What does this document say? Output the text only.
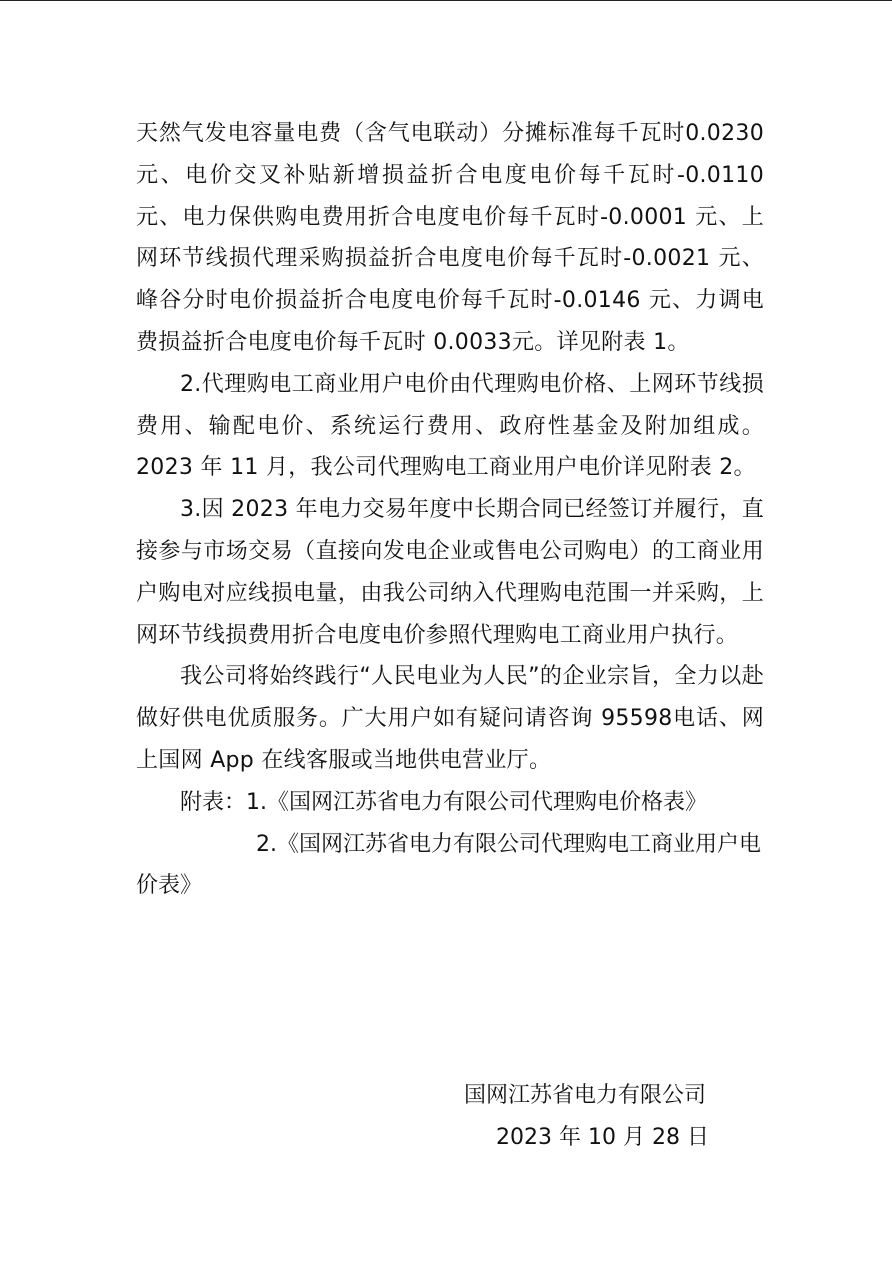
天然气发电容量电费（含气电联动）分摊标准每千瓦时0.0230 元、电价交叉补贴新增损益折合电度电价每千瓦时-0.0110 元、电力保供购电费用折合电度电价每千瓦时-0.0001 元、上网环节线损代理采购损益折合电度电价每千瓦时-0.0021 元、峰谷分时电价损益折合电度电价每千瓦时-0.0146 元、力调电费损益折合电度电价每千瓦时 0.0033元。详见附表 1。

2.代理购电工商业用户电价由代理购电价格、上网环节线损费用、输配电价、系统运行费用、政府性基金及附加组成。2023 年 11 月，我公司代理购电工商业用户电价详见附表 2。

3.因 2023 年电力交易年度中长期合同已经签订并履行，直接参与市场交易（直接向发电企业或售电公司购电）的工商业用户购电对应线损电量，由我公司纳入代理购电范围一并采购，上网环节线损费用折合电度电价参照代理购电工商业用户执行。

我公司将始终践行“人民电业为人民”的企业宗旨，全力以赴做好供电优质服务。广大用户如有疑问请咨询 95598电话、网上国网 App 在线客服或当地供电营业厅。

附表：1.《国网江苏省电力有限公司代理购电价格表》

2.《国网江苏省电力有限公司代理购电工商业用户电价表》

国网江苏省电力有限公司
2023 年 10 月 28 日
